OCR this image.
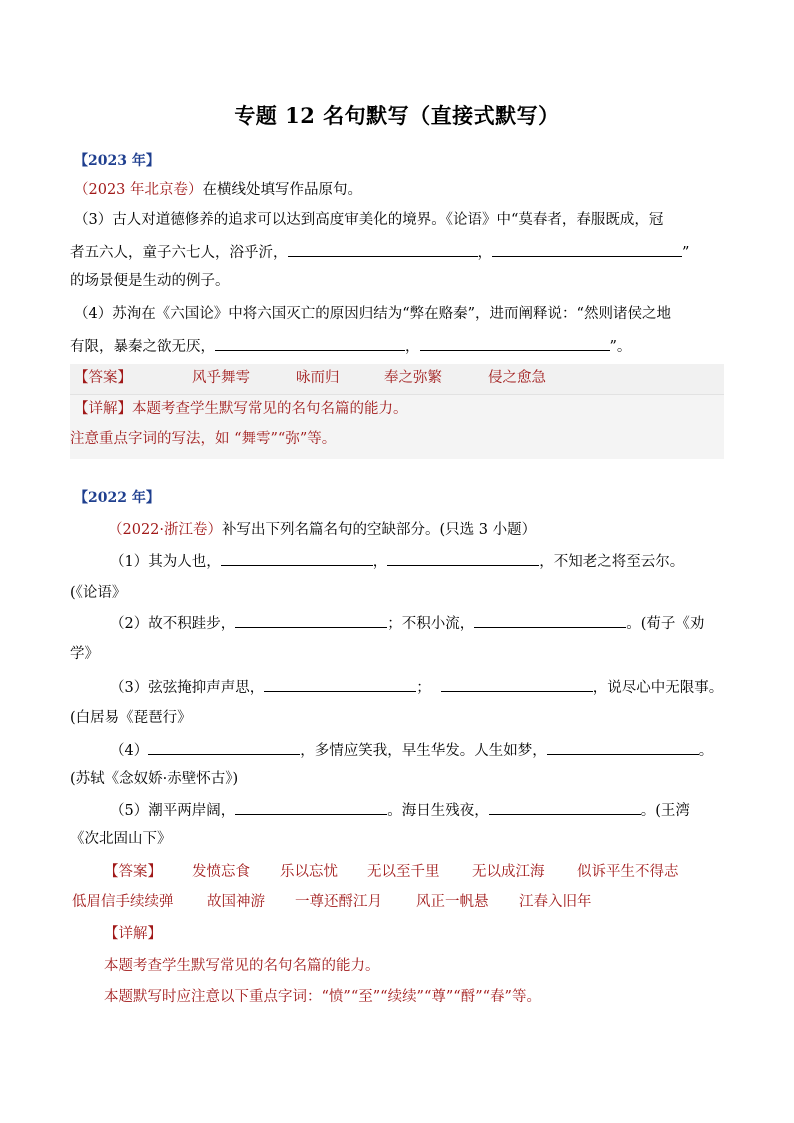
专题 12 名句默写（直接式默写）
【2023 年】
（2023 年北京卷）在横线处填写作品原句。
（3）古人对道德修养的追求可以达到高度审美化的境界。《论语》中“莫春者，春服既成，冠
者五六人，童子六七人，浴乎沂，	，	”
的场景便是生动的例子。
（4）苏洵在《六国论》中将六国灭亡的原因归结为“弊在赂秦”，进而阐释说：“然则诸侯之地
有限，暴秦之欲无厌，	，	”。
【答案】	风乎舞雩	咏而归	奉之弥繁	侵之愈急
【详解】本题考查学生默写常见的名句名篇的能力。
注意重点字词的写法，如 “舞雩”“弥”等。
【2022 年】
（2022·浙江卷）补写出下列名篇名句的空缺部分。(只选 3 小题）
（1）其为人也，	，	，不知老之将至云尔。
(《论语》
（2）故不积跬步，	；不积小流，	。(荀子《劝
学》
（3）弦弦掩抑声声思，	；	，说尽心中无限事。
(白居易《琵琶行》
（4）	，多情应笑我，早生华发。人生如梦，	。
(苏轼《念奴娇·赤壁怀古》)
（5）潮平两岸阔，	。海日生残夜，	。(王湾
《次北固山下》
【答案】 发愤忘食 乐以忘忧 无以至千里 无以成江海 似诉平生不得志
低眉信手续续弹 故国神游 一尊还酹江月 风正一帆悬 江春入旧年
【详解】
本题考查学生默写常见的名句名篇的能力。
本题默写时应注意以下重点字词：“愤”“至”“续续”“尊”“酹”“春”等。
